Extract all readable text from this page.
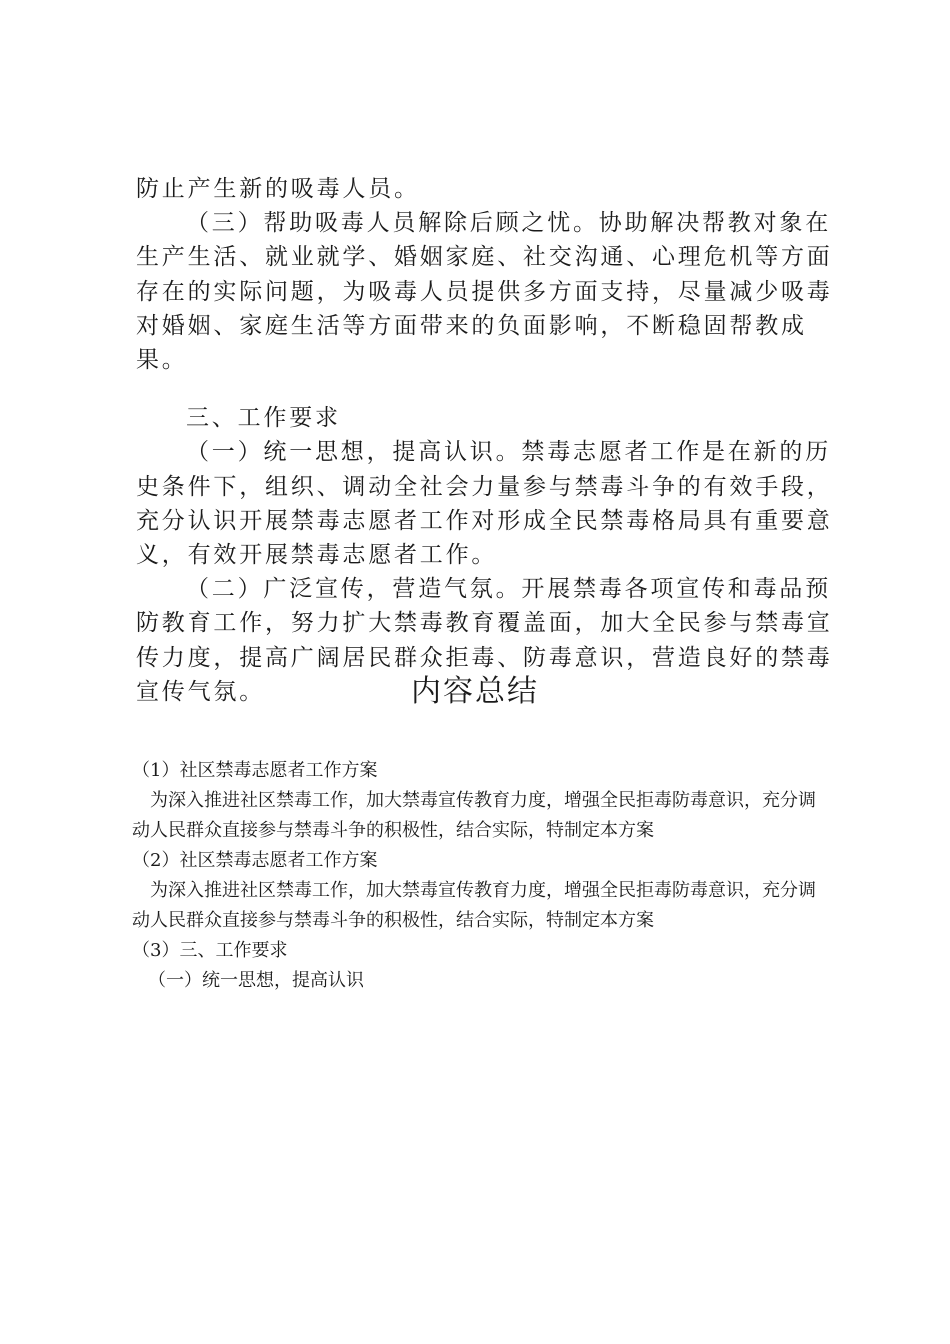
防止产生新的吸毒人员。

（三）帮助吸毒人员解除后顾之忧。协助解决帮教对象在生产生活、就业就学、婚姻家庭、社交沟通、心理危机等方面存在的实际问题，为吸毒人员提供多方面支持，尽量减少吸毒对婚姻、家庭生活等方面带来的负面影响，不断稳固帮教成果。

三、工作要求

（一）统一思想，提高认识。禁毒志愿者工作是在新的历史条件下，组织、调动全社会力量参与禁毒斗争的有效手段，充分认识开展禁毒志愿者工作对形成全民禁毒格局具有重要意义，有效开展禁毒志愿者工作。

（二）广泛宣传，营造气氛。开展禁毒各项宣传和毒品预防教育工作，努力扩大禁毒教育覆盖面，加大全民参与禁毒宣传力度，提高广阔居民群众拒毒、防毒意识，营造良好的禁毒宣传气氛。	内容总结

（1）社区禁毒志愿者工作方案

为深入推进社区禁毒工作，加大禁毒宣传教育力度，增强全民拒毒防毒意识，充分调动人民群众直接参与禁毒斗争的积极性，结合实际，特制定本方案

（2）社区禁毒志愿者工作方案

为深入推进社区禁毒工作，加大禁毒宣传教育力度，增强全民拒毒防毒意识，充分调动人民群众直接参与禁毒斗争的积极性，结合实际，特制定本方案

（3）三、工作要求

（一）统一思想，提高认识
